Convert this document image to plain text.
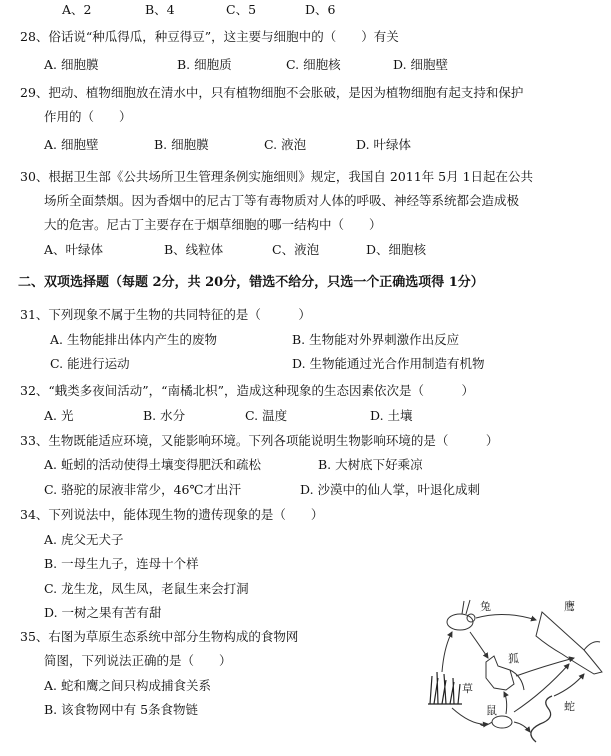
A、2	B、4	C、5	D、6
28、俗话说“种瓜得瓜，种豆得豆”，这主要与细胞中的（　　）有关
A. 细胞膜	B. 细胞质	C. 细胞核	D. 细胞壁
29、把动、植物细胞放在清水中，只有植物细胞不会胀破，是因为植物细胞有起支持和保护
作用的（　　）
A. 细胞壁	B. 细胞膜	C. 液泡	D. 叶绿体
30、根据卫生部《公共场所卫生管理条例实施细则》规定，我国自 2011年 5月 1日起在公共
场所全面禁烟。因为香烟中的尼古丁等有毒物质对人体的呼吸、神经等系统都会造成极
大的危害。尼古丁主要存在于烟草细胞的哪一结构中（　　）
A、叶绿体	B、线粒体	C、液泡	D、细胞核
二、双项选择题（每题 2分，共 20分，错选不给分，只选一个正确选项得 1分）
31、下列现象不属于生物的共同特征的是（　　　）
A. 生物能排出体内产生的废物	B. 生物能对外界刺激作出反应
C. 能进行运动	D. 生物能通过光合作用制造有机物
32、“蛾类多夜间活动”，“南橘北枳”，造成这种现象的生态因素依次是（　　　）
A. 光	B. 水分	C. 温度	D. 土壤
33、生物既能适应环境，又能影响环境。下列各项能说明生物影响环境的是（　　　）
A. 蚯蚓的活动使得土壤变得肥沃和疏松	B. 大树底下好乘凉
C. 骆驼的尿液非常少，46℃才出汗	D. 沙漠中的仙人掌，叶退化成刺
34、下列说法中，能体现生物的遗传现象的是（　　）
A. 虎父无犬子
B. 一母生九子，连母十个样
C. 龙生龙，凤生凤，老鼠生来会打洞
D. 一树之果有苦有甜
35、右图为草原生态系统中部分生物构成的食物网
简图，下列说法正确的是（　　）
A. 蛇和鹰之间只构成捕食关系
B. 该食物网中有 5条食物链
兔	鹰
狐
草
鼠	蛇
